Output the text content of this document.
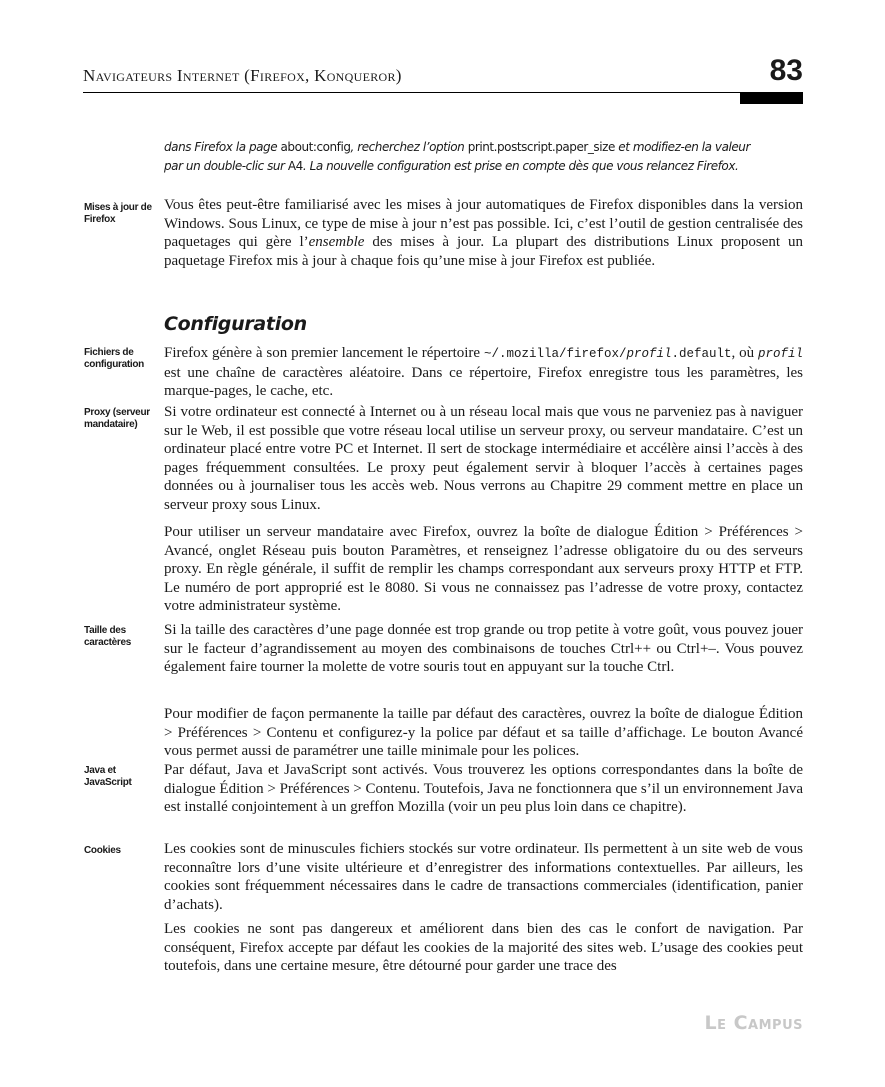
Navigateurs Internet (Firefox, Konqueror)	83

dans Firefox la page about:config, recherchez l’option print.postscript.paper_size et modifiez-en la valeur

par un double-clic sur A4. La nouvelle configuration est prise en compte dès que vous relancez Firefox.

Mises à jour de Firefox

Vous êtes peut-être familiarisé avec les mises à jour automatiques de Firefox disponibles dans la version Windows. Sous Linux, ce type de mise à jour n’est pas possible. Ici, c’est l’outil de gestion centralisée des paquetages qui gère l’ensemble des mises à jour. La plupart des distributions Linux proposent un paquetage Firefox mis à jour à chaque fois qu’une mise à jour Firefox est publiée.

Configuration
Fichiers de configuration

Firefox génère à son premier lancement le répertoire ~/.mozilla/firefox/profil.default, où profil est une chaîne de caractères aléatoire. Dans ce répertoire, Firefox enregistre tous les paramètres, les marque-pages, le cache, etc.

Proxy (serveur mandataire)

Si votre ordinateur est connecté à Internet ou à un réseau local mais que vous ne parveniez pas à naviguer sur le Web, il est possible que votre réseau local utilise un serveur proxy, ou serveur mandataire. C’est un ordinateur placé entre votre PC et Internet. Il sert de stockage intermédiaire et accélère ainsi l’accès à des pages fréquemment consultées. Le proxy peut également servir à bloquer l’accès à certaines pages données ou à journaliser tous les accès web. Nous verrons au Chapitre 29 comment mettre en place un serveur proxy sous Linux.

Pour utiliser un serveur mandataire avec Firefox, ouvrez la boîte de dialogue Édition > Préférences > Avancé, onglet Réseau puis bouton Paramètres, et renseignez l’adresse obligatoire du ou des serveurs proxy. En règle générale, il suffit de remplir les champs correspondant aux serveurs proxy HTTP et FTP. Le numéro de port approprié est le 8080. Si vous ne connaissez pas l’adresse de votre proxy, contactez votre administrateur système.

Taille des caractères

Si la taille des caractères d’une page donnée est trop grande ou trop petite à votre goût, vous pouvez jouer sur le facteur d’agrandissement au moyen des combinaisons de touches Ctrl++ ou Ctrl+–. Vous pouvez également faire tourner la molette de votre souris tout en appuyant sur la touche Ctrl.

Pour modifier de façon permanente la taille par défaut des caractères, ouvrez la boîte de dialogue Édition > Préférences > Contenu et configurez-y la police par défaut et sa taille d’affichage. Le bouton Avancé vous permet aussi de paramétrer une taille minimale pour les polices.

Java et JavaScript

Par défaut, Java et JavaScript sont activés. Vous trouverez les options correspondantes dans la boîte de dialogue Édition > Préférences > Contenu. Toutefois, Java ne fonctionnera que s’il un environnement Java est installé conjointement à un greffon Mozilla (voir un peu plus loin dans ce chapitre).

Cookies	Les cookies sont de minuscules fichiers stockés sur votre ordinateur. Ils permettent à un site web de vous reconnaître lors d’une visite ultérieure et d’enregistrer des informations contextuelles. Par ailleurs, les cookies sont fréquemment nécessaires dans le cadre de transactions commerciales (identification, panier d’achats).

Les cookies ne sont pas dangereux et améliorent dans bien des cas le confort de navigation. Par conséquent, Firefox accepte par défaut les cookies de la majorité des sites web. L’usage des cookies peut toutefois, dans une certaine mesure, être détourné pour garder une trace des

Le Campus
